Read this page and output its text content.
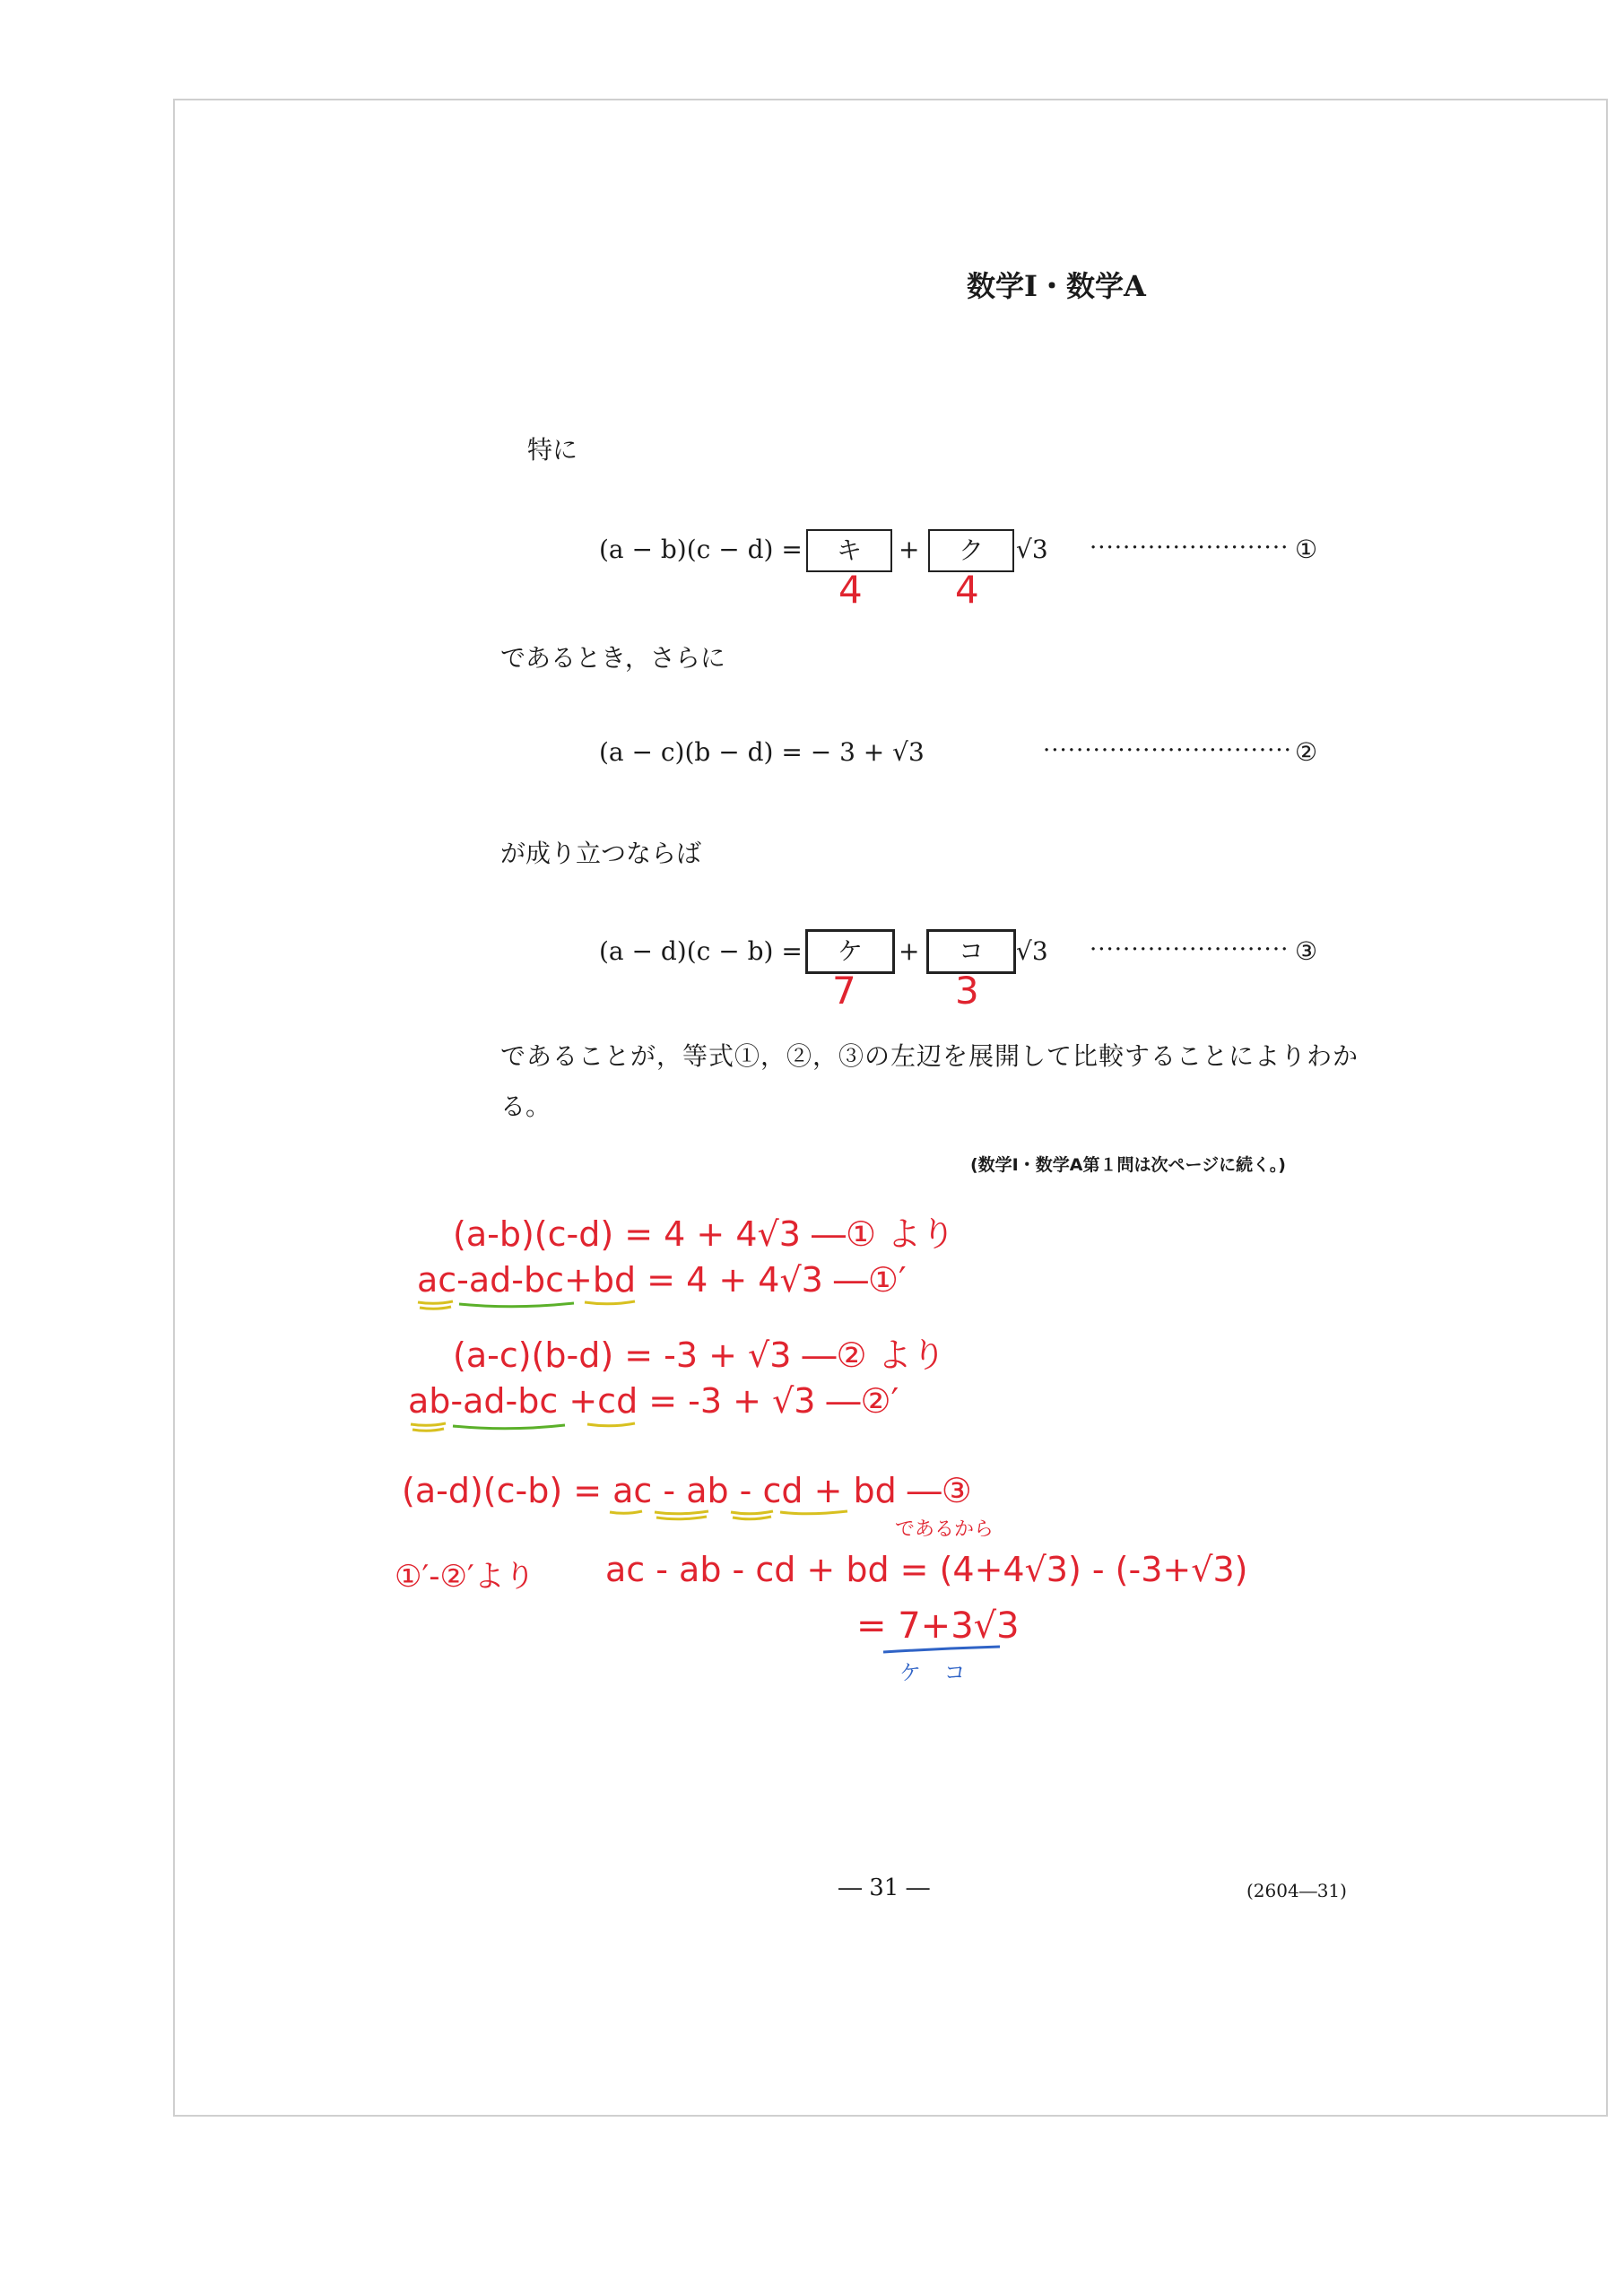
数学Ⅰ・数学A
特に
(a − b)(c − d) =	キ	+	ク	√3 ························ ①
であるとき，さらに
(a − c)(b − d) = − 3 + √3	······························ ②
が成り立つならば
(a − d)(c − b) =	ケ	+	コ	√3 ························ ③
であることが，等式①，②，③の左辺を展開して比較することによりわか
る。
(数学Ⅰ・数学A第１問は次ページに続く。)
4 4
7	3
(a-b)(c-d) = 4 + 4√3 ―① より
ac-ad-bc+bd = 4 + 4√3 ―①′
(a-c)(b-d) = -3 + √3 ―② より
ab-ad-bc +cd = -3 + √3 ―②′
(a-d)(c-b) = ac - ab - cd + bd ―③
であるから
①′-②′より ac - ab - cd + bd = (4+4√3) - (-3+√3)
= 7+3√3
ケ コ
― 31 ―	(2604―31)
